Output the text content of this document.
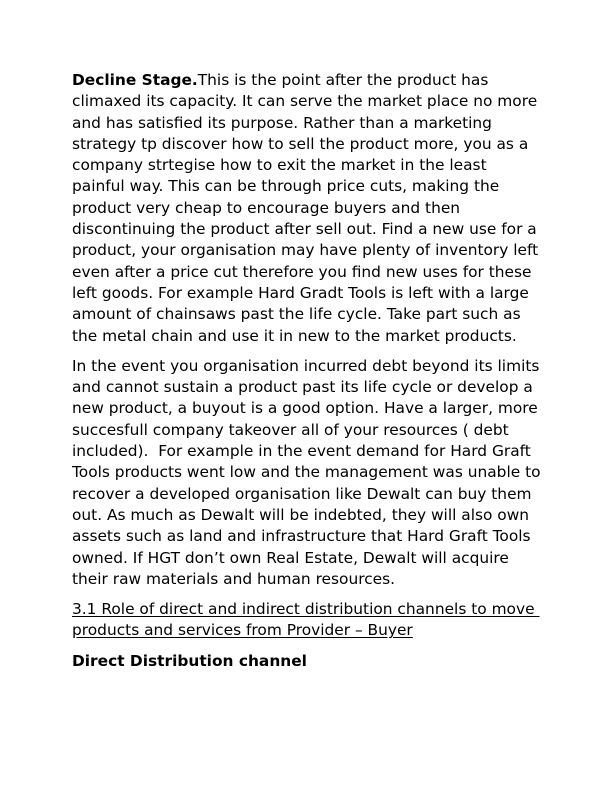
Decline Stage.This is the point after the product has climaxed its capacity. It can serve the market place no more and has satisfied its purpose. Rather than a marketing strategy tp discover how to sell the product more, you as a company strtegise how to exit the market in the least painful way. This can be through price cuts, making the product very cheap to encourage buyers and then discontinuing the product after sell out. Find a new use for a product, your organisation may have plenty of inventory left even after a price cut therefore you find new uses for these left goods. For example Hard Gradt Tools is left with a large amount of chainsaws past the life cycle. Take part such as the metal chain and use it in new to the market products.

In the event you organisation incurred debt beyond its limits and cannot sustain a product past its life cycle or develop a new product, a buyout is a good option. Have a larger, more succesfull company takeover all of your resources ( debt included).  For example in the event demand for Hard Graft Tools products went low and the management was unable to recover a developed organisation like Dewalt can buy them out. As much as Dewalt will be indebted, they will also own assets such as land and infrastructure that Hard Graft Tools owned. If HGT don’t own Real Estate, Dewalt will acquire their raw materials and human resources.

3.1 Role of direct and indirect distribution channels to move products and services from Provider – Buyer

Direct Distribution channel
